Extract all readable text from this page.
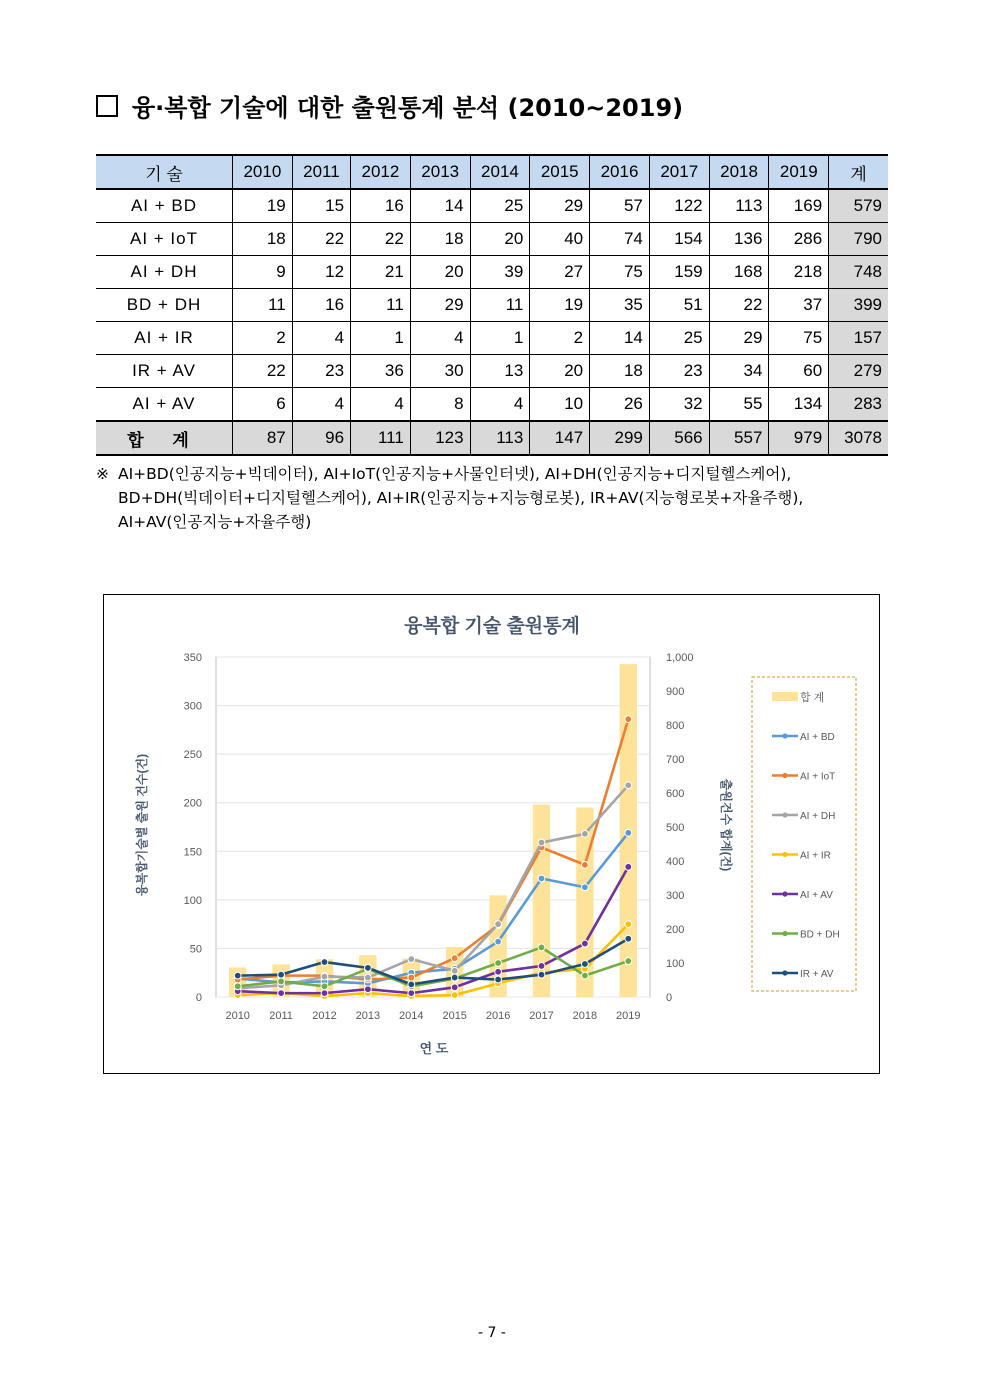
융·복합 기술에 대한 출원통계 분석 (2010~2019)
기 술	2010	2011	2012	2013	2014	2015	2016	2017	2018	2019	계
AI + BD	19	15	16	14	25	29	57	122	113	169	579
AI + IoT	18	22	22	18	20	40	74	154	136	286	790
AI + DH	9	12	21	20	39	27	75	159	168	218	748
BD + DH	11	16	11	29	11	19	35	51	22	37	399
AI + IR	2	4	1	4	1	2	14	25	29	75	157
IR + AV	22	23	36	30	13	20	18	23	34	60	279
AI + AV	6	4	4	8	4	10	26	32	55	134	283
합 계	87	96	111	123	113	147	299	566	557	979	3078
※ AI+BD(인공지능+빅데이터), AI+IoT(인공지능+사물인터넷), AI+DH(인공지능+디지털헬스케어),
BD+DH(빅데이터+디지털헬스케어), AI+IR(인공지능+지능형로봇), IR+AV(지능형로봇+자율주행),
AI+AV(인공지능+자율주행)
융복합 기술 출원통계
0
50
100
150
200
250
300
350
0
100
200
300
400
500
600
700
800
900
1,000
2010 2011 2012 2013 2014 2015 2016 2017 2018 2019
융복합기술별 출원 건수(건)	출원건수 합계(건)
연 도
합 계
AI + BD
AI + IoT
AI + DH
AI + IR
AI + AV
BD + DH
IR + AV
- 7 -
